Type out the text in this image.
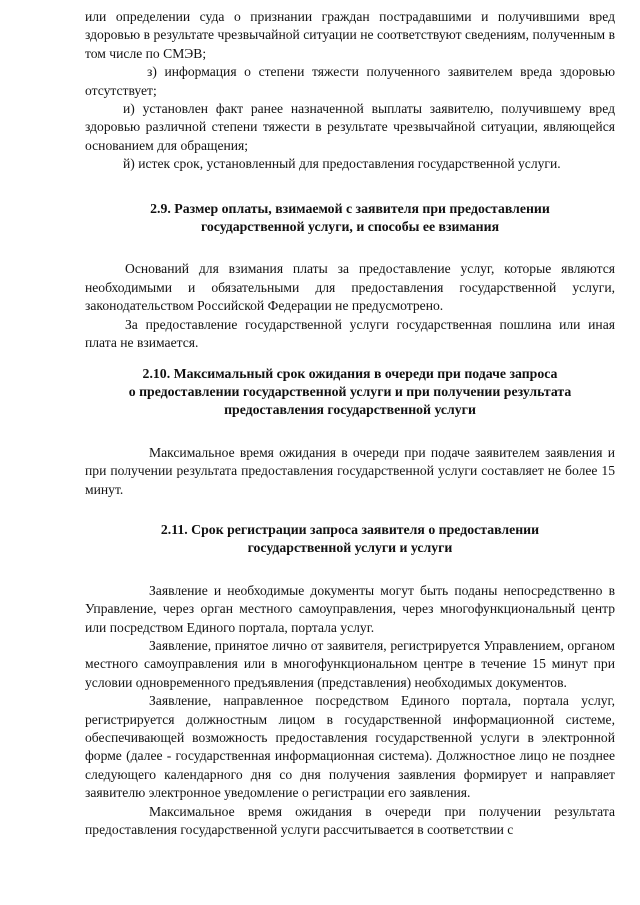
или определении суда о признании граждан пострадавшими и получившими вред здоровью в результате чрезвычайной ситуации не соответствуют сведениям, полученным в том числе по СМЭВ;

з) информация о степени тяжести полученного заявителем вреда здоровью отсутствует;

и) установлен факт ранее назначенной выплаты заявителю, получившему вред здоровью различной степени тяжести в результате чрезвычайной ситуации, являющейся основанием для обращения;

й) истек срок, установленный для предоставления государственной услуги.

2.9. Размер оплаты, взимаемой с заявителя при предоставлении

государственной услуги, и способы ее взимания

Оснований для взимания платы за предоставление услуг, которые являются необходимыми и обязательными для предоставления государственной услуги, законодательством Российской Федерации не предусмотрено.

За предоставление государственной услуги государственная пошлина или иная плата не взимается.

2.10. Максимальный срок ожидания в очереди при подаче запроса

о предоставлении государственной услуги и при получении результата

предоставления государственной услуги

Максимальное время ожидания в очереди при подаче заявителем заявления и при получении результата предоставления государственной услуги составляет не более 15 минут.

2.11. Срок регистрации запроса заявителя о предоставлении

государственной услуги и услуги

Заявление и необходимые документы могут быть поданы непосредственно в Управление, через орган местного самоуправления, через многофункциональный центр или посредством Единого портала, портала услуг.

Заявление, принятое лично от заявителя, регистрируется Управлением, органом местного самоуправления или в многофункциональном центре в течение 15 минут при условии одновременного предъявления (представления) необходимых документов.

Заявление, направленное посредством Единого портала, портала услуг, регистрируется должностным лицом в государственной информационной системе, обеспечивающей возможность предоставления государственной услуги в электронной форме (далее - государственная информационная система). Должностное лицо не позднее следующего календарного дня со дня получения заявления формирует и направляет заявителю электронное уведомление о регистрации его заявления.

Максимальное время ожидания в очереди при получении результата предоставления государственной услуги рассчитывается в соответствии с
